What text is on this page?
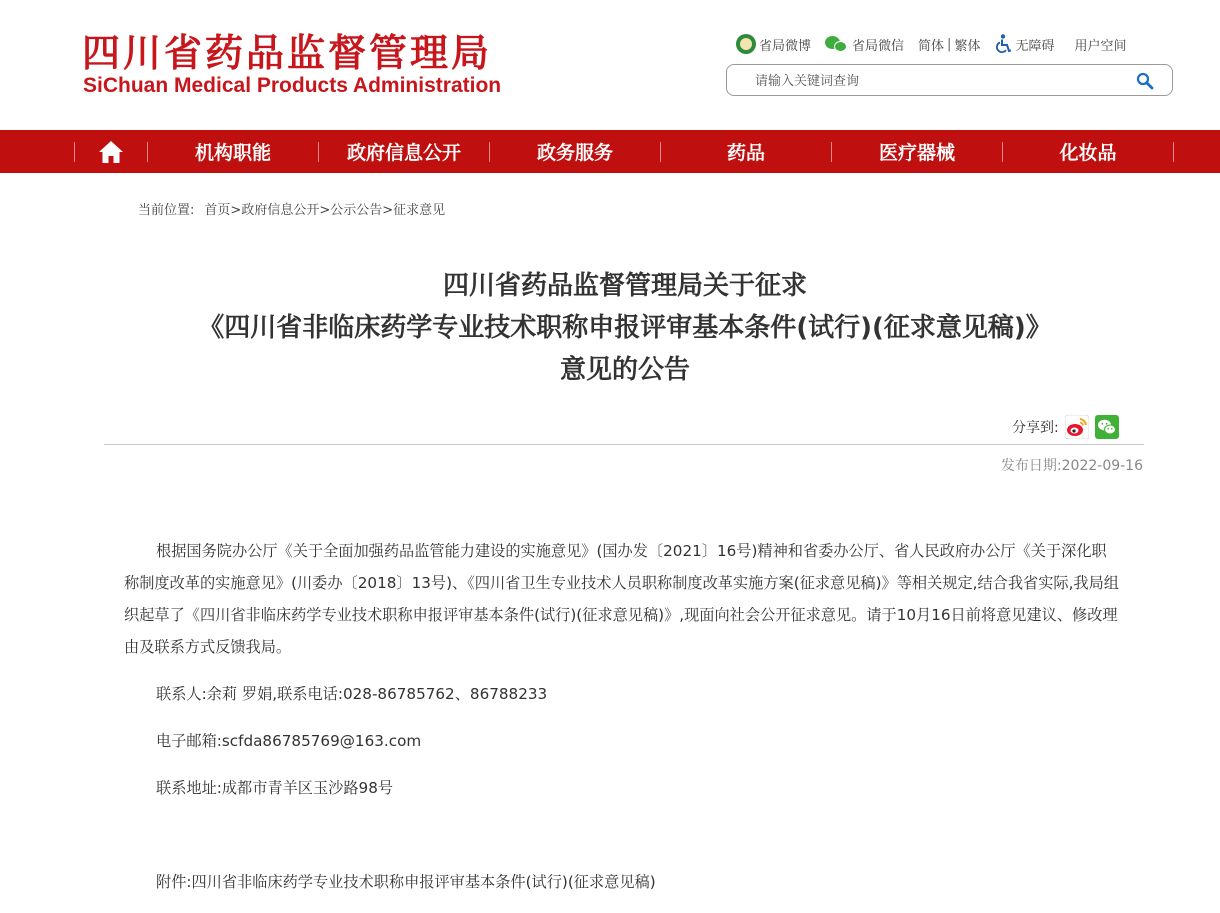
四川省药品监督管理局
SiChuan Medical Products Administration
省局微博	省局微信 简体 | 繁体	无障碍 用户空间
请输入关键词查询
机构职能	政府信息公开	政务服务	药品	医疗器械	化妆品
当前位置: 首页>政府信息公开>公示公告>征求意见
四川省药品监督管理局关于征求
《四川省非临床药学专业技术职称申报评审基本条件(试行)(征求意见稿)》
意见的公告
分享到:
发布日期:2022-09-16

根据国务院办公厅《关于全面加强药品监管能力建设的实施意见》(国办发〔2021〕16号)精神和省委办公厅、省人民政府办公厅《关于深化职称制度改革的实施意见》(川委办〔2018〕13号)、《四川省卫生专业技术人员职称制度改革实施方案(征求意见稿)》等相关规定,结合我省实际,我局组织起草了《四川省非临床药学专业技术职称申报评审基本条件(试行)(征求意见稿)》,现面向社会公开征求意见。请于10月16日前将意见建议、修改理由及联系方式反馈我局。

联系人:余莉 罗娟,联系电话:028-86785762、86788233

电子邮箱:scfda86785769@163.com

联系地址:成都市青羊区玉沙路98号

附件:四川省非临床药学专业技术职称申报评审基本条件(试行)(征求意见稿)
